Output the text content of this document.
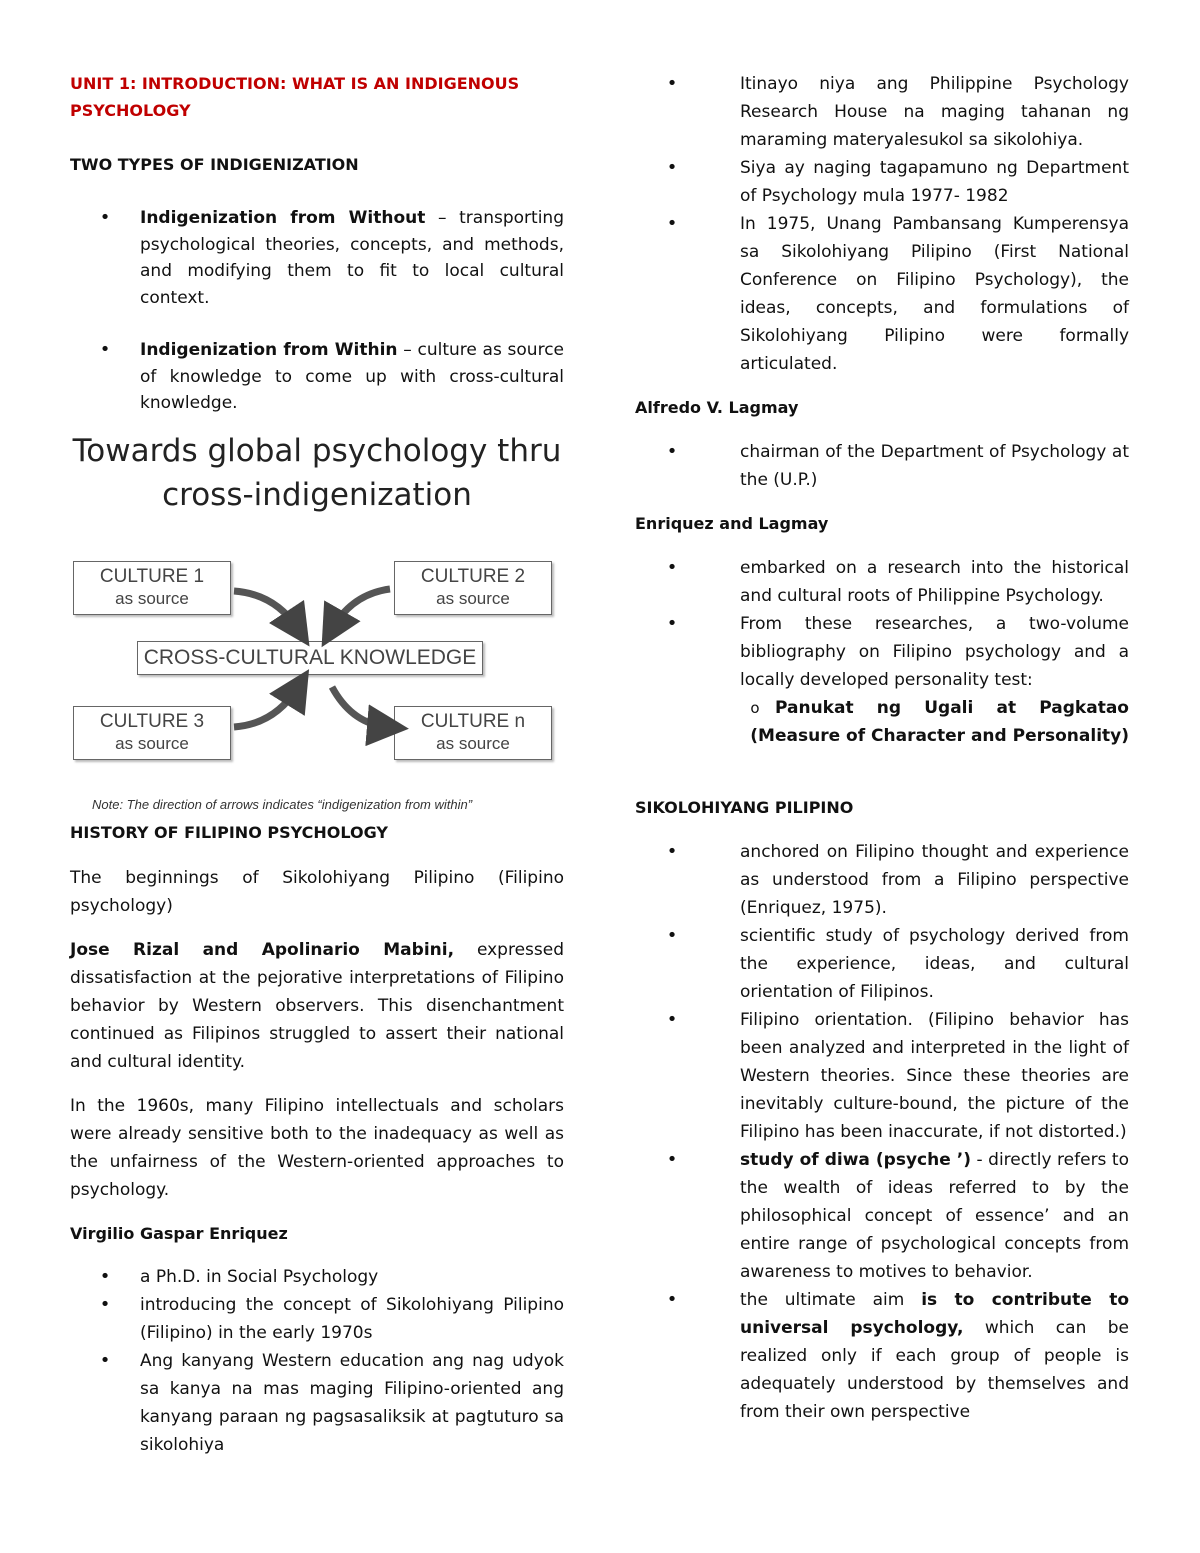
UNIT 1: INTRODUCTION: WHAT IS AN INDIGENOUS
PSYCHOLOGY

TWO TYPES OF INDIGENIZATION

• Indigenization from Without – transporting psychological theories, concepts, and methods, and modifying them to fit to local cultural context.
• Indigenization from Within – culture as source of knowledge to come up with cross-cultural knowledge.
Towards global psychology thru
cross-indigenization
CULTURE 1
as source
CULTURE 2
as source
CROSS-CULTURAL KNOWLEDGE
CULTURE 3
as source
CULTURE n
as source
Note: The direction of arrows indicates “indigenization from within”

HISTORY OF FILIPINO PSYCHOLOGY

The beginnings of Sikolohiyang Pilipino (Filipino psychology)

Jose Rizal and Apolinario Mabini, expressed dissatisfaction at the pejorative interpretations of Filipino behavior by Western observers. This disenchantment continued as Filipinos struggled to assert their national and cultural identity.

In the 1960s, many Filipino intellectuals and scholars were already sensitive both to the inadequacy as well as the unfairness of the Western-oriented approaches to psychology.

Virgilio Gaspar Enriquez

• a Ph.D. in Social Psychology
• introducing the concept of Sikolohiyang Pilipino (Filipino) in the early 1970s
• Ang kanyang Western education ang nag udyok sa kanya na mas maging Filipino-oriented ang kanyang paraan ng pagsasaliksik at pagtuturo sa sikolohiya
• Itinayo niya ang Philippine Psychology Research House na maging tahanan ng maraming materyalesukol sa sikolohiya.
• Siya ay naging tagapamuno ng Department of Psychology mula 1977- 1982
• In 1975, Unang Pambansang Kumperensya sa Sikolohiyang Pilipino (First National Conference on Filipino Psychology), the ideas, concepts, and formulations of Sikolohiyang Pilipino were formally articulated.

Alfredo V. Lagmay

• chairman of the Department of Psychology at the (U.P.)

Enriquez and Lagmay

• embarked on a research into the historical and cultural roots of Philippine Psychology.
• From these researches, a two-volume bibliography on Filipino psychology and a locally developed personality test:
o Panukat ng Ugali at Pagkatao
(Measure of Character and Personality)

SIKOLOHIYANG PILIPINO

• anchored on Filipino thought and experience as understood from a Filipino perspective (Enriquez, 1975).
• scientific study of psychology derived from the experience, ideas, and cultural orientation of Filipinos.
• Filipino orientation. (Filipino behavior has been analyzed and interpreted in the light of Western theories. Since these theories are inevitably culture-bound, the picture of the Filipino has been inaccurate, if not distorted.)
• study of diwa (psyche ’) - directly refers to the wealth of ideas referred to by the philosophical concept of essence’ and an entire range of psychological concepts from awareness to motives to behavior.
• the ultimate aim is to contribute to universal psychology, which can be realized only if each group of people is adequately understood by themselves and from their own perspective
